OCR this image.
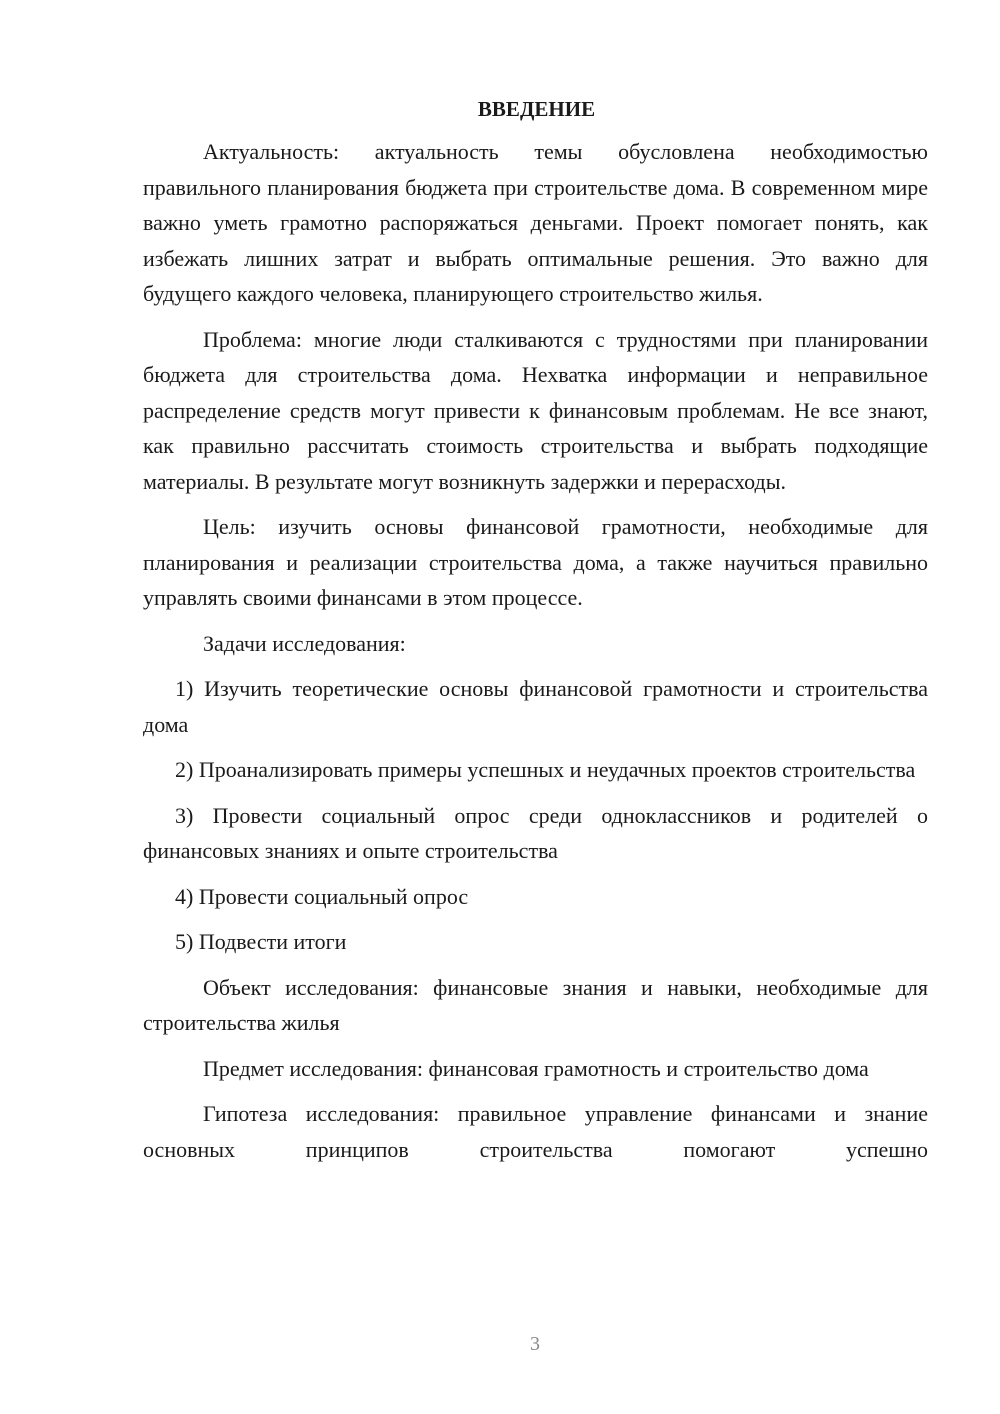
ВВЕДЕНИЕ

Актуальность: актуальность темы обусловлена необходимостью правильного планирования бюджета при строительстве дома. В современном мире важно уметь грамотно распоряжаться деньгами. Проект помогает понять, как избежать лишних затрат и выбрать оптимальные решения. Это важно для будущего каждого человека, планирующего строительство жилья.

Проблема: многие люди сталкиваются с трудностями при планировании бюджета для строительства дома. Нехватка информации и неправильное распределение средств могут привести к финансовым проблемам. Не все знают, как правильно рассчитать стоимость строительства и выбрать подходящие материалы. В результате могут возникнуть задержки и перерасходы.

Цель: изучить основы финансовой грамотности, необходимые для планирования и реализации строительства дома, а также научиться правильно управлять своими финансами в этом процессе.

Задачи исследования:

1) Изучить теоретические основы финансовой грамотности и строительства дома

2) Проанализировать примеры успешных и неудачных проектов строительства

3) Провести социальный опрос среди одноклассников и родителей о финансовых знаниях и опыте строительства

4) Провести социальный опрос

5) Подвести итоги

Объект исследования: финансовые знания и навыки, необходимые для строительства жилья

Предмет исследования: финансовая грамотность и строительство дома

Гипотеза исследования: правильное управление финансами и знание основных принципов строительства помогают успешно

3
